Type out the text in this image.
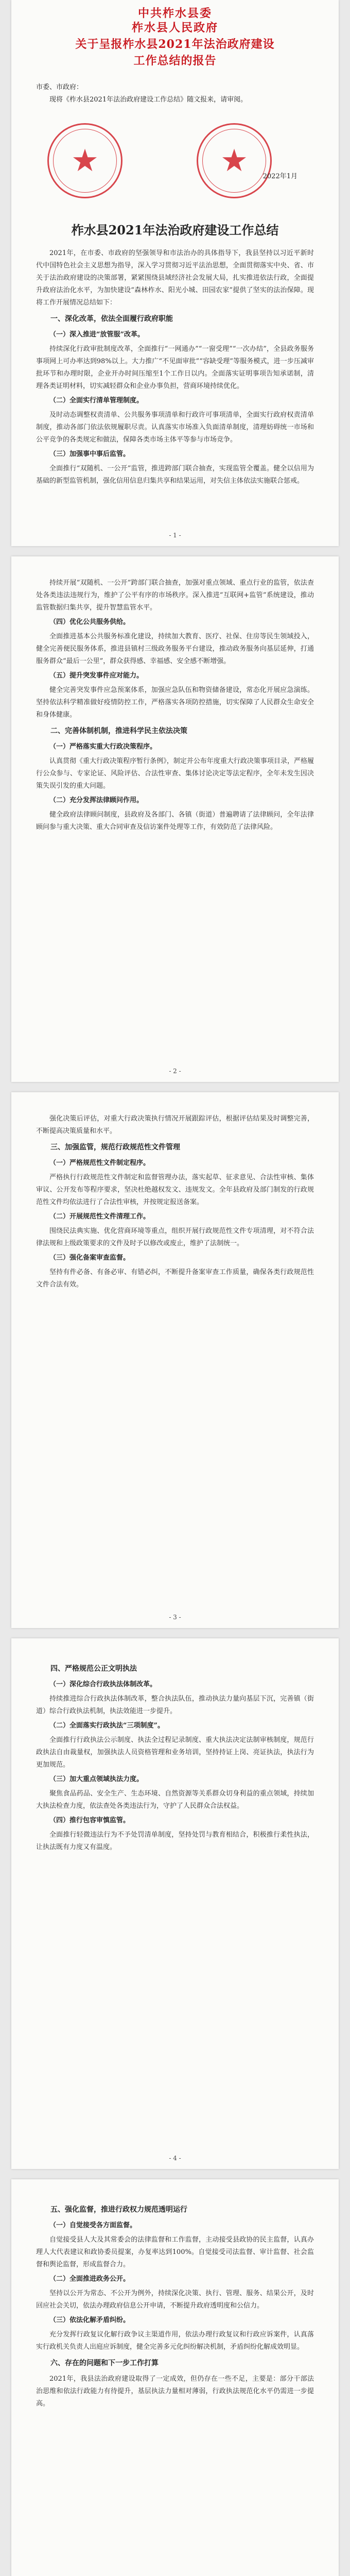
中共柞水县委
柞水县人民政府
关于呈报柞水县2021年法治政府建设
工作总结的报告
市委、市政府：
现将《柞水县2021年法治政府建设工作总结》随文报来，请审阅。
★	★ 2022年1月
柞水县2021年法治政府建设工作总结
2021年，在市委、市政府的坚强领导和市法治办的具体指导下，我县坚持以习近平新时代中国特色社会主义思想为指导，深入学习贯彻习近平法治思想，全面贯彻落实中央、省、市关于法治政府建设的决策部署，紧紧围绕县域经济社会发展大局，扎实推进依法行政，全面提升政府法治化水平，为加快建设“森林柞水、阳光小城、田园农家”提供了坚实的法治保障。现将工作开展情况总结如下：
一、深化改革，依法全面履行政府职能
（一）深入推进“放管服”改革。
持续深化行政审批制度改革，全面推行“一网通办”“一窗受理”“一次办结”，全县政务服务事项网上可办率达到98%以上。大力推广“不见面审批”“容缺受理”等服务模式，进一步压减审批环节和办理时限，企业开办时间压缩至1个工作日以内。全面落实证明事项告知承诺制，清理各类证明材料，切实减轻群众和企业办事负担，营商环境持续优化。
（二）全面实行清单管理制度。
及时动态调整权责清单、公共服务事项清单和行政许可事项清单，全面实行政府权责清单制度，推动各部门依法依规履职尽责。认真落实市场准入负面清单制度，清理妨碍统一市场和公平竞争的各类规定和做法，保障各类市场主体平等参与市场竞争。
（三）加强事中事后监管。
全面推行“双随机、一公开”监管，推进跨部门联合抽查，实现监管全覆盖。健全以信用为基础的新型监管机制，强化信用信息归集共享和结果运用，对失信主体依法实施联合惩戒。
- 1 -
持续开展“双随机、一公开”跨部门联合抽查，加强对重点领域、重点行业的监管，依法查处各类违法违规行为，维护了公平有序的市场秩序。深入推进“互联网+监管”系统建设，推动监管数据归集共享，提升智慧监管水平。
（四）优化公共服务供给。
全面推进基本公共服务标准化建设，持续加大教育、医疗、社保、住房等民生领域投入，健全完善便民服务体系，推进县镇村三级政务服务平台建设，推动政务服务向基层延伸，打通服务群众“最后一公里”，群众获得感、幸福感、安全感不断增强。
（五）提升突发事件应对能力。
健全完善突发事件应急预案体系，加强应急队伍和物资储备建设，常态化开展应急演练。坚持依法科学精准做好疫情防控工作，严格落实各项防控措施，切实保障了人民群众生命安全和身体健康。
二、完善体制机制，推进科学民主依法决策
（一）严格落实重大行政决策程序。
认真贯彻《重大行政决策程序暂行条例》，制定并公布年度重大行政决策事项目录，严格履行公众参与、专家论证、风险评估、合法性审查、集体讨论决定等法定程序，全年未发生因决策失误引发的重大问题。
（二）充分发挥法律顾问作用。
健全政府法律顾问制度，县政府及各部门、各镇（街道）普遍聘请了法律顾问，全年法律顾问参与重大决策、重大合同审查及信访案件处理等工作，有效防范了法律风险。
- 2 -
强化决策后评估，对重大行政决策执行情况开展跟踪评估，根据评估结果及时调整完善，不断提高决策质量和水平。
三、加强监管，规范行政规范性文件管理
（一）严格规范性文件制定程序。
严格执行行政规范性文件制定和监督管理办法，落实起草、征求意见、合法性审核、集体审议、公开发布等程序要求，坚决杜绝越权发文、违规发文。全年县政府及部门制发的行政规范性文件均依法进行了合法性审核，并按规定报送备案。
（二）开展规范性文件清理工作。
围绕民法典实施、优化营商环境等重点，组织开展行政规范性文件专项清理，对不符合法律法规和上级政策要求的文件及时予以修改或废止，维护了法制统一。
（三）强化备案审查监督。
坚持有件必备、有备必审、有错必纠，不断提升备案审查工作质量，确保各类行政规范性文件合法有效。
- 3 -
四、严格规范公正文明执法
（一）深化综合行政执法体制改革。
持续推进综合行政执法体制改革，整合执法队伍，推动执法力量向基层下沉，完善镇（街道）综合行政执法机制，执法效能进一步提升。
（二）全面落实行政执法“三项制度”。
全面推行行政执法公示制度、执法全过程记录制度、重大执法决定法制审核制度，规范行政执法自由裁量权，加强执法人员资格管理和业务培训，坚持持证上岗、亮证执法，执法行为更加规范。
（三）加大重点领域执法力度。
聚焦食品药品、安全生产、生态环境、自然资源等关系群众切身利益的重点领域，持续加大执法检查力度，依法查处各类违法行为，守护了人民群众合法权益。
（四）推行包容审慎监管。
全面推行轻微违法行为不予处罚清单制度，坚持处罚与教育相结合，积极推行柔性执法，让执法既有力度又有温度。
- 4 -
五、强化监督，推进行政权力规范透明运行
（一）自觉接受各方面监督。
自觉接受县人大及其常委会的法律监督和工作监督，主动接受县政协的民主监督，认真办理人大代表建议和政协委员提案，办复率达到100%。自觉接受司法监督、审计监督、社会监督和舆论监督，形成监督合力。
（二）全面推进政务公开。
坚持以公开为常态、不公开为例外，持续深化决策、执行、管理、服务、结果公开，及时回应社会关切，依法办理政府信息公开申请，不断提升政府透明度和公信力。
（三）依法化解矛盾纠纷。
充分发挥行政复议化解行政争议主渠道作用，依法办理行政复议和行政应诉案件，认真落实行政机关负责人出庭应诉制度，健全完善多元化纠纷解决机制，矛盾纠纷化解成效明显。
六、存在的问题和下一步工作打算
2021年，我县法治政府建设取得了一定成效，但仍存在一些不足，主要是：部分干部法治思维和依法行政能力有待提升，基层执法力量相对薄弱，行政执法规范化水平仍需进一步提高。
